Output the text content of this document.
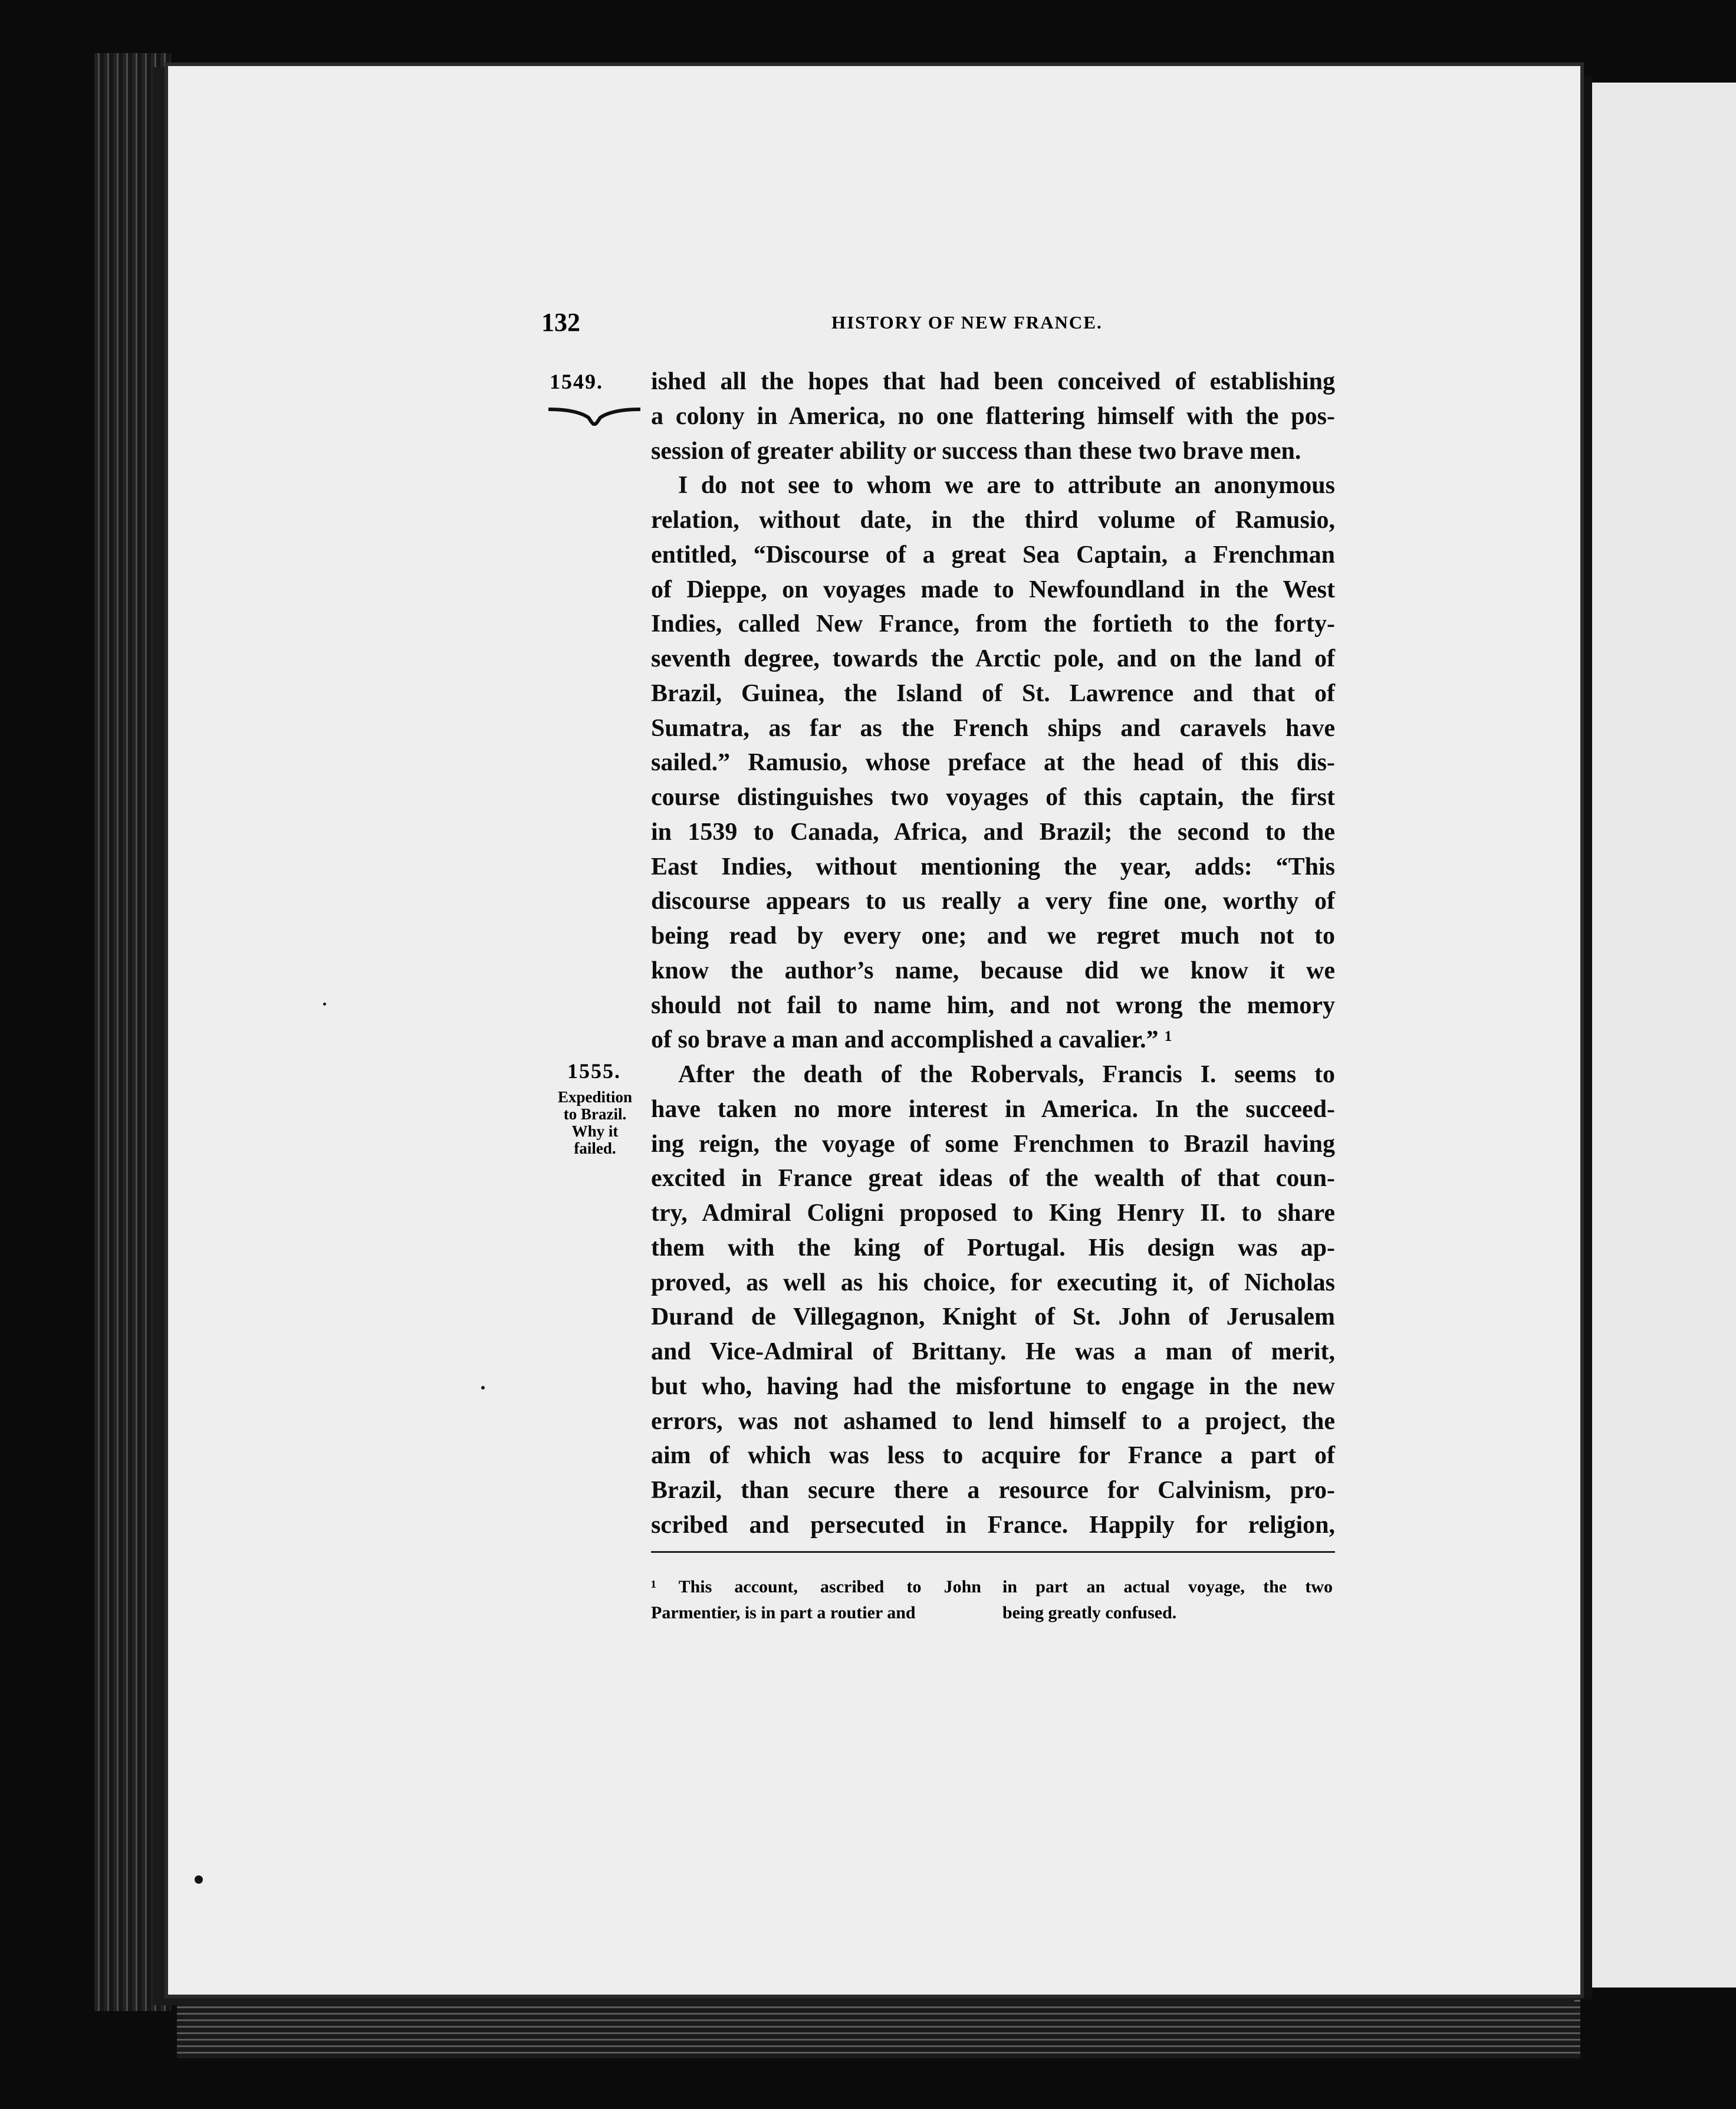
132	HISTORY OF NEW FRANCE.
1549.
1555.
Expedition
to Brazil.
Why it
failed.
ished all the hopes that had been conceived of establishing
a colony in America, no one flattering himself with the pos-
session of greater ability or success than these two brave men.
I do not see to whom we are to attribute an anonymous
relation, without date, in the third volume of Ramusio,
entitled, “Discourse of a great Sea Captain, a Frenchman
of Dieppe, on voyages made to Newfoundland in the West
Indies, called New France, from the fortieth to the forty-
seventh degree, towards the Arctic pole, and on the land of
Brazil, Guinea, the Island of St. Lawrence and that of
Sumatra, as far as the French ships and caravels have
sailed.” Ramusio, whose preface at the head of this dis-
course distinguishes two voyages of this captain, the first
in 1539 to Canada, Africa, and Brazil; the second to the
East Indies, without mentioning the year, adds: “This
discourse appears to us really a very fine one, worthy of
being read by every one; and we regret much not to
know the author’s name, because did we know it we
should not fail to name him, and not wrong the memory
of so brave a man and accomplished a cavalier.” ¹
After the death of the Robervals, Francis I. seems to
have taken no more interest in America. In the succeed-
ing reign, the voyage of some Frenchmen to Brazil having
excited in France great ideas of the wealth of that coun-
try, Admiral Coligni proposed to King Henry II. to share
them with the king of Portugal. His design was ap-
proved, as well as his choice, for executing it, of Nicholas
Durand de Villegagnon, Knight of St. John of Jerusalem
and Vice-Admiral of Brittany. He was a man of merit,
but who, having had the misfortune to engage in the new
errors, was not ashamed to lend himself to a project, the
aim of which was less to acquire for France a part of
Brazil, than secure there a resource for Calvinism, pro-
scribed and persecuted in France. Happily for religion,
¹ This account, ascribed to John
Parmentier, is in part a routier and
in part an actual voyage, the two
being greatly confused.
